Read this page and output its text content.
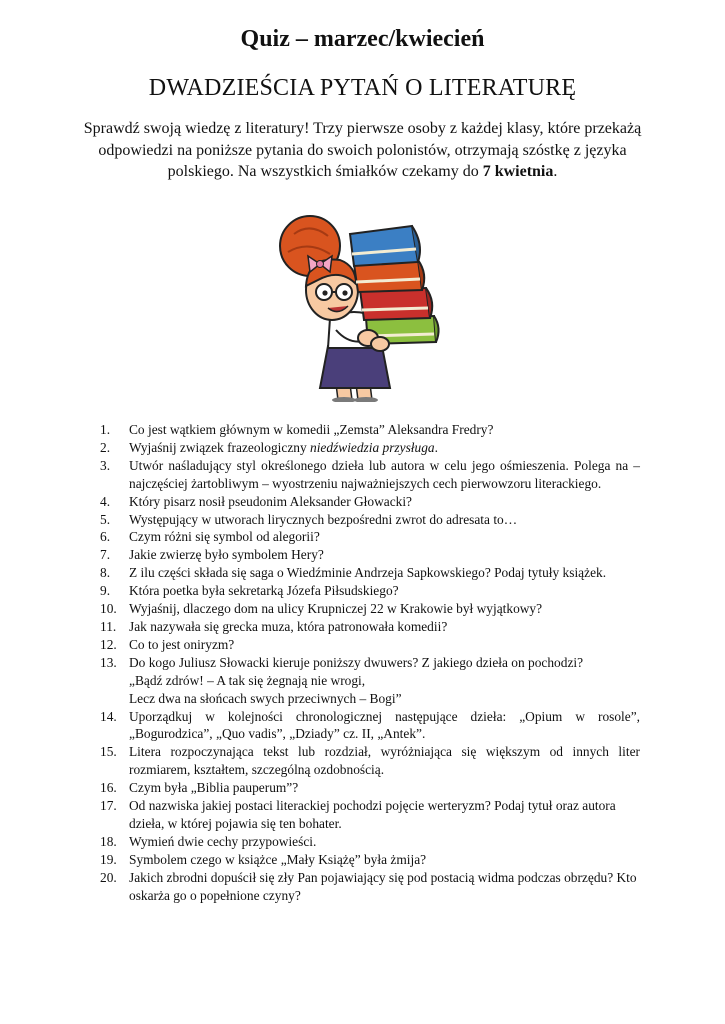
Quiz – marzec/kwiecień
DWADZIEŚCIA PYTAŃ O LITERATURĘ
Sprawdź swoją wiedzę z literatury! Trzy pierwsze osoby z każdej klasy, które przekażą odpowiedzi na poniższe pytania do swoich polonistów, otrzymają szóstkę z języka polskiego. Na wszystkich śmiałków czekamy do 7 kwietnia.
1.	Co jest wątkiem głównym w komedii „Zemsta” Aleksandra Fredry?
2.	Wyjaśnij związek frazeologiczny niedźwiedzia przysługa.
3.	Utwór naśladujący styl określonego dzieła lub autora w celu jego ośmieszenia. Polega na – najczęściej żartobliwym – wyostrzeniu najważniejszych cech pierwowzoru literackiego.
4.	Który pisarz nosił pseudonim Aleksander Głowacki?
5.	Występujący w utworach lirycznych bezpośredni zwrot do adresata to…
6.	Czym różni się symbol od alegorii?
7.	Jakie zwierzę było symbolem Hery?
8.	Z ilu części składa się saga o Wiedźminie Andrzeja Sapkowskiego? Podaj tytuły książek.
9.	Która poetka była sekretarką Józefa Piłsudskiego?
10. Wyjaśnij, dlaczego dom na ulicy Krupniczej 22 w Krakowie był wyjątkowy?
11. Jak nazywała się grecka muza, która patronowała komedii?
12. Co to jest oniryzm?
13. Do kogo Juliusz Słowacki kieruje poniższy dwuwers? Z jakiego dzieła on pochodzi?
„Bądź zdrów! – A tak się żegnają nie wrogi,
Lecz dwa na słońcach swych przeciwnych – Bogi”
14. Uporządkuj w kolejności chronologicznej następujące dzieła: „Opium w rosole”, „Bogurodzica”, „Quo vadis”, „Dziady” cz. II, „Antek”.
15. Litera rozpoczynająca tekst lub rozdział, wyróżniająca się większym od innych liter rozmiarem, kształtem, szczególną ozdobnością.
16. Czym była „Biblia pauperum”?
17. Od nazwiska jakiej postaci literackiej pochodzi pojęcie werteryzm? Podaj tytuł oraz autora dzieła, w której pojawia się ten bohater.
18. Wymień dwie cechy przypowieści.
19. Symbolem czego w książce „Mały Książę” była żmija?
20. Jakich zbrodni dopuścił się zły Pan pojawiający się pod postacią widma podczas obrzędu? Kto oskarża go o popełnione czyny?
